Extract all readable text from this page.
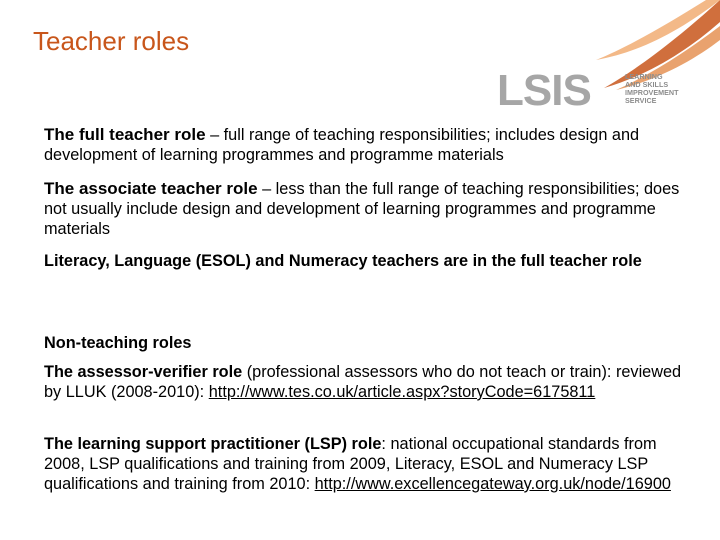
Teacher roles
LSIS	LEARNING
AND SKILLS
IMPROVEMENT
SERVICE
The full teacher role – full range of teaching responsibilities; includes design and development of learning programmes and programme materials
The associate teacher role – less than the full range of teaching responsibilities; does not usually include design and development of learning programmes and programme materials
Literacy, Language (ESOL) and Numeracy teachers are in the full teacher role
Non-teaching roles
The assessor-verifier role (professional assessors who do not teach or train): reviewed by LLUK (2008-2010): http://www.tes.co.uk/article.aspx?storyCode=6175811
The learning support practitioner (LSP) role: national occupational standards from 2008, LSP qualifications and training from 2009, Literacy, ESOL and Numeracy LSP qualifications and training from 2010: http://www.excellencegateway.org.uk/node/16900
